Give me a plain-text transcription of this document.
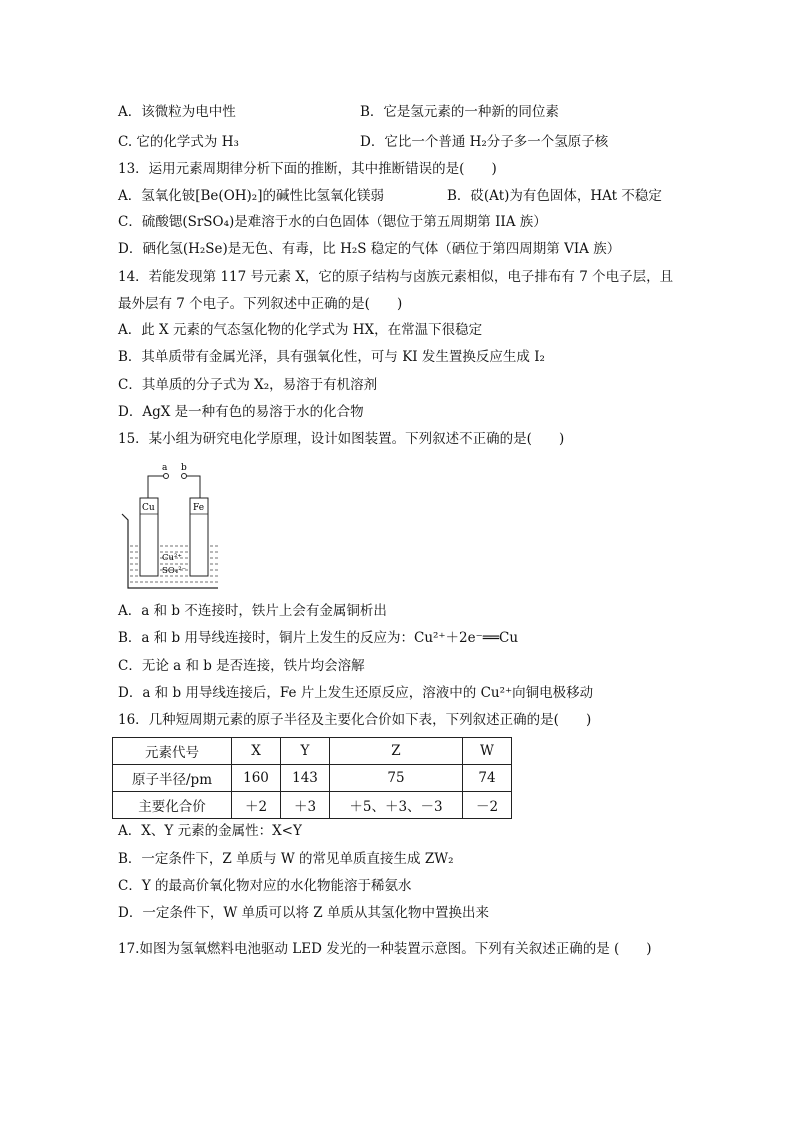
A．该微粒为电中性	B．它是氢元素的一种新的同位素
C. 它的化学式为 H₃	D．它比一个普通 H₂分子多一个氢原子核
13．运用元素周期律分析下面的推断，其中推断错误的是(　　)
A．氢氧化铍[Be(OH)₂]的碱性比氢氧化镁弱	B．砹(At)为有色固体，HAt 不稳定
C．硫酸锶(SrSO₄)是难溶于水的白色固体（锶位于第五周期第 IIA 族）
D．硒化氢(H₂Se)是无色、有毒，比 H₂S 稳定的气体（硒位于第四周期第 VIA 族）
14．若能发现第 117 号元素 X，它的原子结构与卤族元素相似，电子排布有 7 个电子层，且
最外层有 7 个电子。下列叙述中正确的是(　　)
A．此 X 元素的气态氢化物的化学式为 HX，在常温下很稳定
B．其单质带有金属光泽，具有强氧化性，可与 KI 发生置换反应生成 I₂
C．其单质的分子式为 X₂，易溶于有机溶剂
D．AgX 是一种有色的易溶于水的化合物
15．某小组为研究电化学原理，设计如图装置。下列叙述不正确的是(　　)
a b
Cu	Fe
Cu²⁺
SO₄²⁻
A．a 和 b 不连接时，铁片上会有金属铜析出
B．a 和 b 用导线连接时，铜片上发生的反应为：Cu²⁺＋2e⁻══Cu
C．无论 a 和 b 是否连接，铁片均会溶解
D．a 和 b 用导线连接后，Fe 片上发生还原反应，溶液中的 Cu²⁺向铜电极移动
16．几种短周期元素的原子半径及主要化合价如下表，下列叙述正确的是(　　)
元素代号	X	Y	Z	W
原子半径/pm	160	143	75	74
主要化合价	＋2	＋3	＋5、＋3、－3	－2
A．X、Y 元素的金属性：X<Y
B．一定条件下，Z 单质与 W 的常见单质直接生成 ZW₂
C．Y 的最高价氧化物对应的水化物能溶于稀氨水
D．一定条件下，W 单质可以将 Z 单质从其氢化物中置换出来
17.如图为氢氧燃料电池驱动 LED 发光的一种装置示意图。下列有关叙述正确的是 (　　)
